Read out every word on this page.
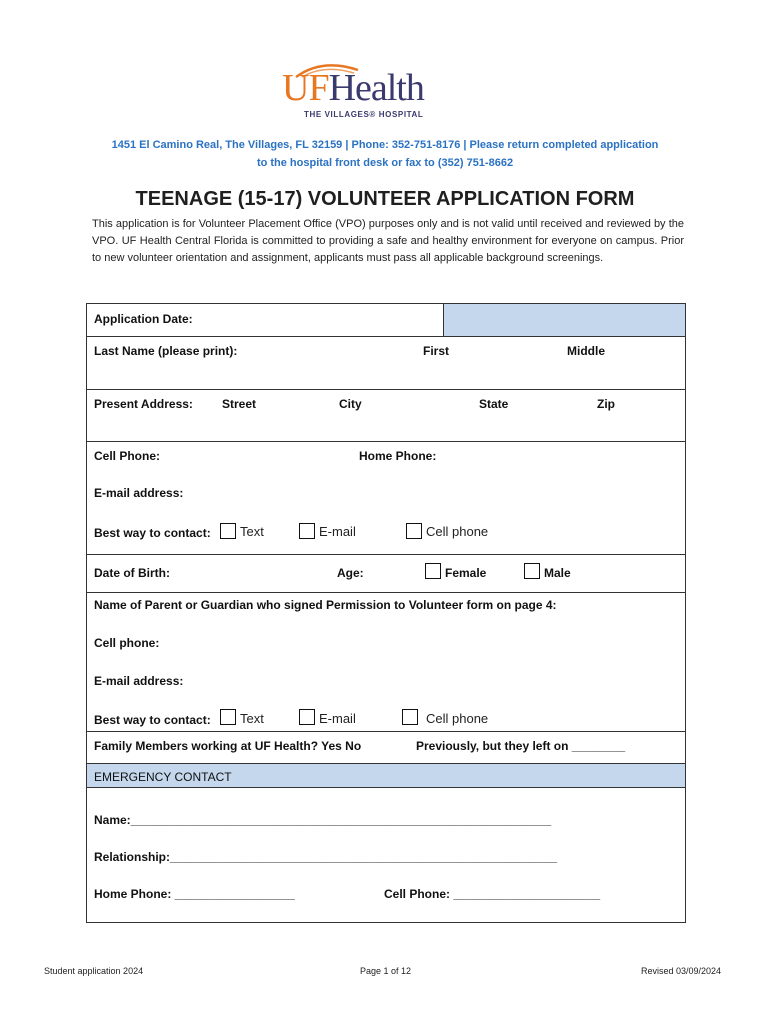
UFHealth
THE VILLAGES® HOSPITAL
1451 El Camino Real, The Villages, FL 32159 | Phone: 352-751-8176 | Please return completed application
to the hospital front desk or fax to (352) 751-8662
TEENAGE (15-17) VOLUNTEER APPLICATION FORM
This application is for Volunteer Placement Office (VPO) purposes only and is not valid until received and reviewed by the VPO. UF Health Central Florida is committed to providing a safe and healthy environment for everyone on campus. Prior to new volunteer orientation and assignment, applicants must pass all applicable background screenings.
Application Date:
Last Name (please print):	First	Middle
Present Address: Street	City	State	Zip
Cell Phone:	Home Phone:
E-mail address:
Best way to contact: Text	E-mail	Cell phone
Date of Birth:	Age:	Female	Male
Name of Parent or Guardian who signed Permission to Volunteer form on page 4:
Cell phone:
E-mail address:
Best way to contact: Text	E-mail	Cell phone
Family Members working at UF Health? Yes No	Previously, but they left on ________
EMERGENCY CONTACT
Name:_______________________________________________________________
Relationship:__________________________________________________________
Home Phone: __________________	Cell Phone: ______________________
Student application 2024	Page 1 of 12	Revised 03/09/2024
